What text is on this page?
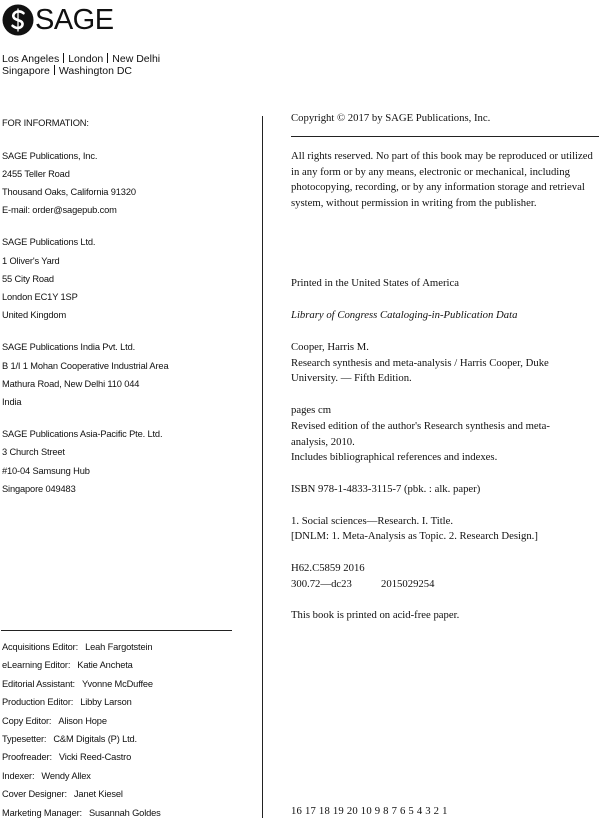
SAGE
Los Angeles London New Delhi
Singapore Washington DC
FOR INFORMATION:
SAGE Publications, Inc.
2455 Teller Road
Thousand Oaks, California 91320
E-mail: order@sagepub.com
SAGE Publications Ltd.
1 Oliver's Yard
55 City Road
London EC1Y 1SP
United Kingdom
SAGE Publications India Pvt. Ltd.
B 1/I 1 Mohan Cooperative Industrial Area
Mathura Road, New Delhi 110 044
India
SAGE Publications Asia-Pacific Pte. Ltd.
3 Church Street
#10-04 Samsung Hub
Singapore 049483
Acquisitions Editor: Leah Fargotstein
eLearning Editor: Katie Ancheta
Editorial Assistant: Yvonne McDuffee
Production Editor: Libby Larson
Copy Editor: Alison Hope
Typesetter: C&M Digitals (P) Ltd.
Proofreader: Vicki Reed-Castro
Indexer: Wendy Allex
Cover Designer: Janet Kiesel
Marketing Manager: Susannah Goldes
Copyright © 2017 by SAGE Publications, Inc.
All rights reserved. No part of this book may be reproduced or utilized
in any form or by any means, electronic or mechanical, including
photocopying, recording, or by any information storage and retrieval
system, without permission in writing from the publisher.
Printed in the United States of America
Library of Congress Cataloging-in-Publication Data
Cooper, Harris M.
Research synthesis and meta-analysis / Harris Cooper, Duke
University. — Fifth Edition.
pages cm
Revised edition of the author's Research synthesis and meta-
analysis, 2010.
Includes bibliographical references and indexes.
ISBN 978-1-4833-3115-7 (pbk. : alk. paper)
1. Social sciences—Research. I. Title.
[DNLM: 1. Meta-Analysis as Topic. 2. Research Design.]
H62.C5859 2016
300.72—dc23	2015029254
This book is printed on acid-free paper.
16 17 18 19 20 10 9 8 7 6 5 4 3 2 1
